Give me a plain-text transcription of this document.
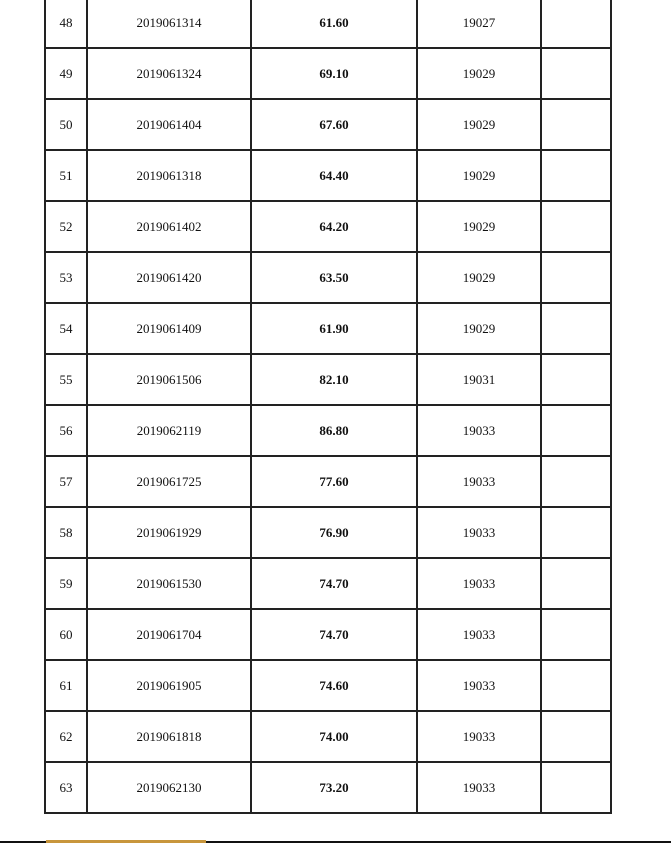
48	2019061314	61.60	19027	
49	2019061324	69.10	19029	
50	2019061404	67.60	19029	
51	2019061318	64.40	19029	
52	2019061402	64.20	19029	
53	2019061420	63.50	19029	
54	2019061409	61.90	19029	
55	2019061506	82.10	19031	
56	2019062119	86.80	19033	
57	2019061725	77.60	19033	
58	2019061929	76.90	19033	
59	2019061530	74.70	19033	
60	2019061704	74.70	19033	
61	2019061905	74.60	19033	
62	2019061818	74.00	19033	
63	2019062130	73.20	19033	
